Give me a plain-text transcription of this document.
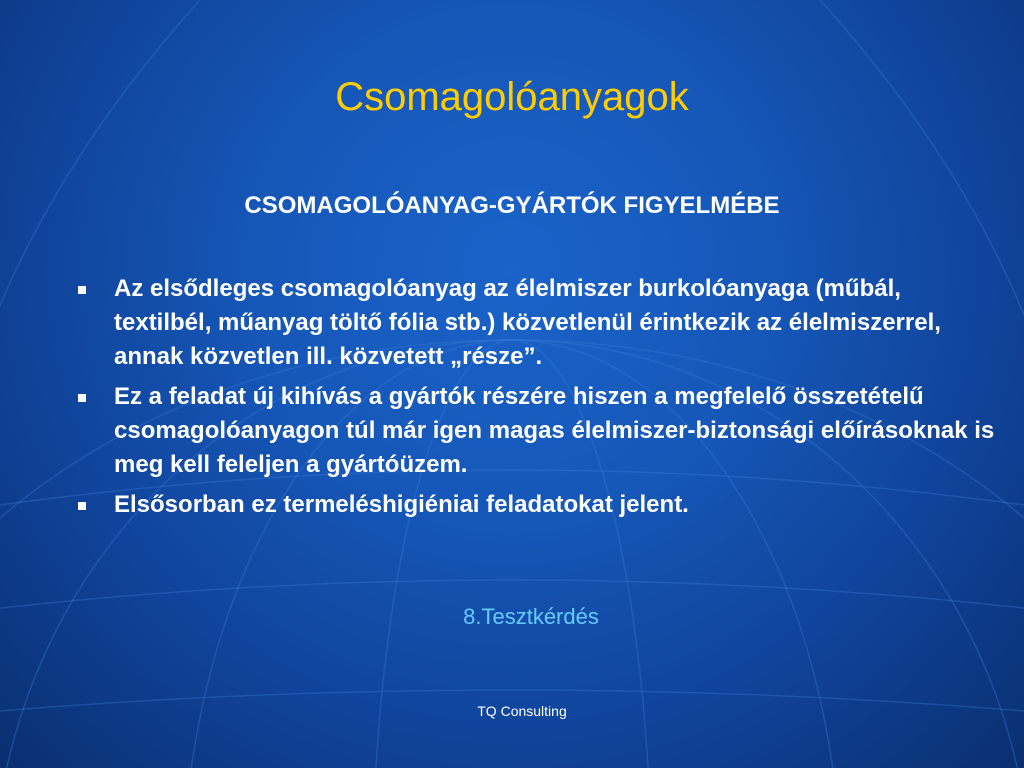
Csomagolóanyagok
CSOMAGOLÓANYAG-GYÁRTÓK FIGYELMÉBE
Az elsődleges csomagolóanyag az élelmiszer burkolóanyaga (műbál, textilbél, műanyag töltő fólia stb.) közvetlenül érintkezik az élelmiszerrel, annak közvetlen ill. közvetett „része”.
Ez a feladat új kihívás a gyártók részére hiszen a megfelelő összetételű csomagolóanyagon túl már igen magas élelmiszer-biztonsági előírásoknak is meg kell feleljen a gyártóüzem.
Elsősorban ez termeléshigiéniai feladatokat jelent.
8.Tesztkérdés
TQ Consulting
